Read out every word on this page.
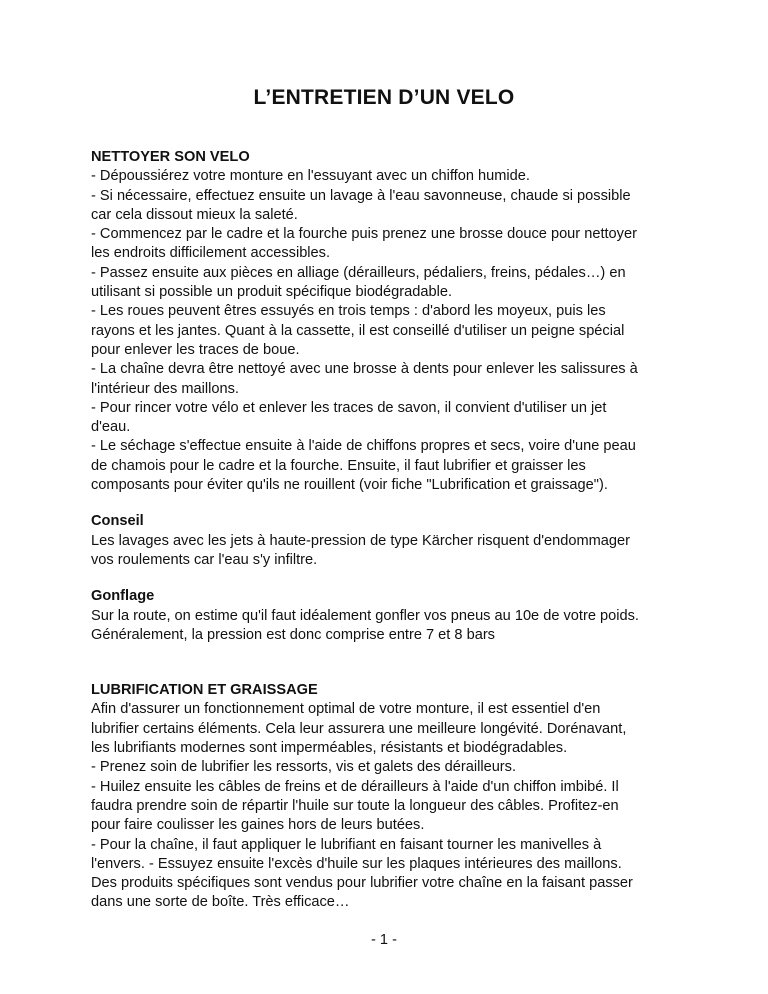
L’ENTRETIEN D’UN VELO

NETTOYER SON VELO

- Dépoussiérez votre monture en l'essuyant avec un chiffon humide.

- Si nécessaire, effectuez ensuite un lavage à l'eau savonneuse, chaude si possible

car cela dissout mieux la saleté.

- Commencez par le cadre et la fourche puis prenez une brosse douce pour nettoyer

les endroits difficilement accessibles.

- Passez ensuite aux pièces en alliage (dérailleurs, pédaliers, freins, pédales…) en

utilisant si possible un produit spécifique biodégradable.

- Les roues peuvent êtres essuyés en trois temps : d'abord les moyeux, puis les

rayons et les jantes. Quant à la cassette, il est conseillé d'utiliser un peigne spécial

pour enlever les traces de boue.

- La chaîne devra être nettoyé avec une brosse à dents pour enlever les salissures à

l'intérieur des maillons.

- Pour rincer votre vélo et enlever les traces de savon, il convient d'utiliser un jet

d'eau.

- Le séchage s'effectue ensuite à l'aide de chiffons propres et secs, voire d'une peau

de chamois pour le cadre et la fourche. Ensuite, il faut lubrifier et graisser les

composants pour éviter qu'ils ne rouillent (voir fiche "Lubrification et graissage").

Conseil

Les lavages avec les jets à haute-pression de type Kärcher risquent d'endommager

vos roulements car l'eau s'y infiltre.

Gonflage

Sur la route, on estime qu'il faut idéalement gonfler vos pneus au 10e de votre poids.

Généralement, la pression est donc comprise entre 7 et 8 bars

LUBRIFICATION ET GRAISSAGE

Afin d'assurer un fonctionnement optimal de votre monture, il est essentiel d'en

lubrifier certains éléments. Cela leur assurera une meilleure longévité. Dorénavant,

les lubrifiants modernes sont imperméables, résistants et biodégradables.

- Prenez soin de lubrifier les ressorts, vis et galets des dérailleurs.

- Huilez ensuite les câbles de freins et de dérailleurs à l'aide d'un chiffon imbibé. Il

faudra prendre soin de répartir l'huile sur toute la longueur des câbles. Profitez-en

pour faire coulisser les gaines hors de leurs butées.

- Pour la chaîne, il faut appliquer le lubrifiant en faisant tourner les manivelles à

l'envers. - Essuyez ensuite l'excès d'huile sur les plaques intérieures des maillons.

Des produits spécifiques sont vendus pour lubrifier votre chaîne en la faisant passer

dans une sorte de boîte. Très efficace…

- 1 -
